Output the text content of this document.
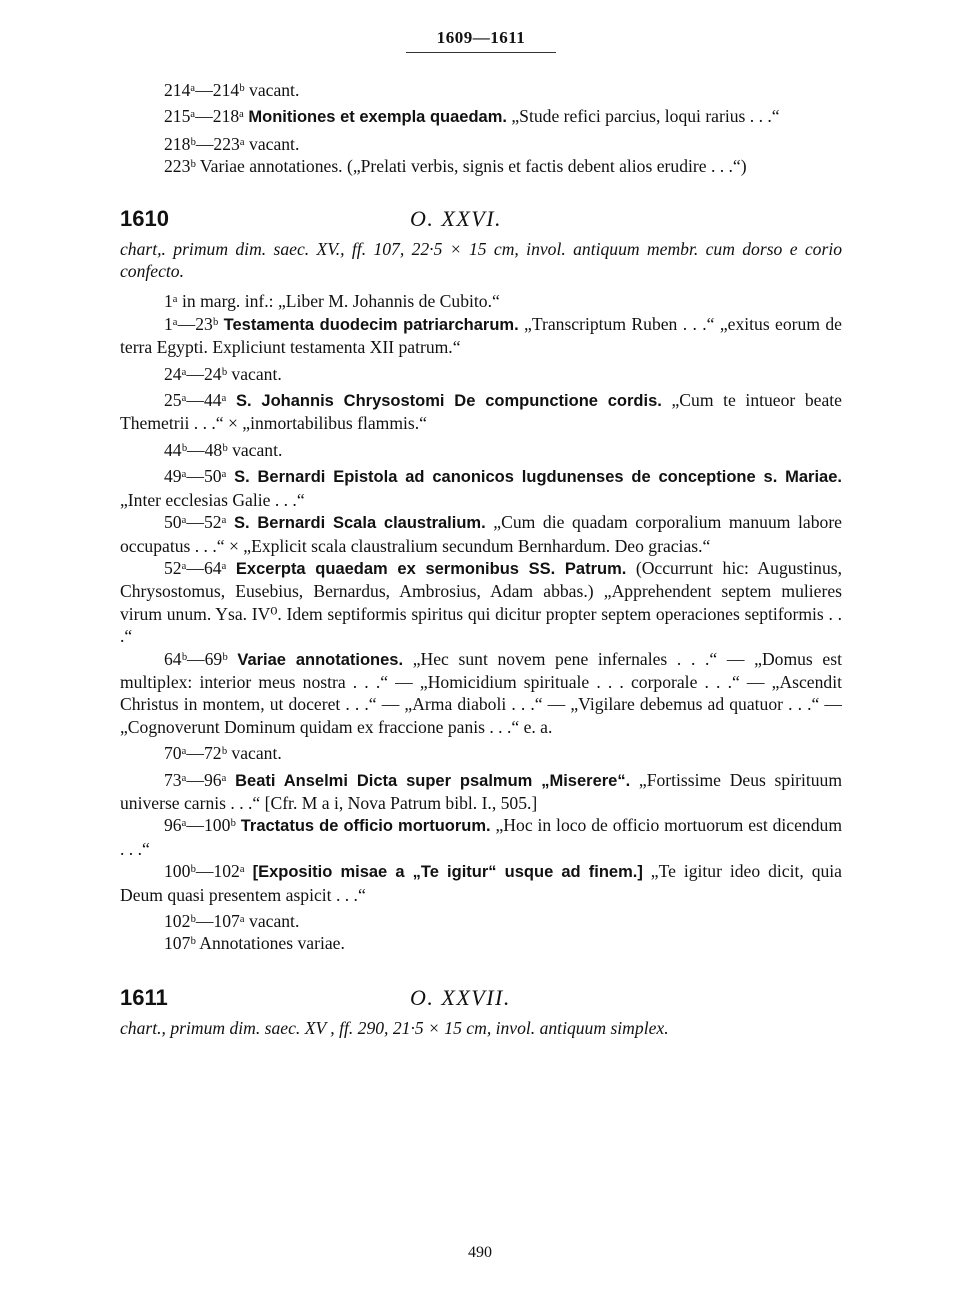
1609—1611
214ᵃ—214ᵇ vacant.
215ᵃ—218ᵃ Monitiones et exempla quaedam. „Stude refici parcius, loqui rarius . . .“
218ᵇ—223ᵃ vacant.
223ᵇ Variae annotationes. („Prelati verbis, signis et factis debent alios erudire . . .“)
1610	O. XXVI.
chart,. primum dim. saec. XV., ff. 107, 22·5 × 15 cm, invol. antiquum membr. cum dorso e corio confecto.
1ᵃ in marg. inf.: „Liber M. Johannis de Cubito.“
1ᵃ—23ᵇ Testamenta duodecim patriarcharum. „Transcriptum Ruben . . .“ „exitus eorum de terra Egypti. Expliciunt testamenta XII patrum.“
24ᵃ—24ᵇ vacant.
25ᵃ—44ᵃ S. Johannis Chrysostomi De compunctione cordis. „Cum te intueor beate Themetrii . . .“ × „inmortabilibus flammis.“
44ᵇ—48ᵇ vacant.
49ᵃ—50ᵃ S. Bernardi Epistola ad canonicos lugdunenses de conceptione s. Mariae. „Inter ecclesias Galie . . .“
50ᵃ—52ᵃ S. Bernardi Scala claustralium. „Cum die quadam corporalium manuum labore occupatus . . .“ × „Explicit scala claustralium secundum Bernhardum. Deo gracias.“
52ᵃ—64ᵃ Excerpta quaedam ex sermonibus SS. Patrum. (Occurrunt hic: Augustinus, Chrysostomus, Eusebius, Bernardus, Ambrosius, Adam abbas.) „Apprehendent septem mulieres virum unum. Ysa. IV⁰. Idem septiformis spiritus qui dicitur propter septem operaciones septiformis . . .“
64ᵇ—69ᵇ Variae annotationes. „Hec sunt novem pene infernales . . .“ — „Domus est multiplex: interior meus nostra . . .“ — „Homicidium spirituale . . . corporale . . .“ — „Ascendit Christus in montem, ut doceret . . .“ — „Arma diaboli . . .“ — „Vigilare debemus ad quatuor . . .“ — „Cognoverunt Dominum quidam ex fraccione panis . . .“ e. a.
70ᵃ—72ᵇ vacant.
73ᵃ—96ᵃ Beati Anselmi Dicta super psalmum „Miserere“. „Fortissime Deus spirituum universe carnis . . .“ [Cfr. M a i, Nova Patrum bibl. I., 505.]
96ᵃ—100ᵇ Tractatus de officio mortuorum. „Hoc in loco de officio mortuorum est dicendum . . .“
100ᵇ—102ᵃ [Expositio misae a „Te igitur“ usque ad finem.] „Te igitur ideo dicit, quia Deum quasi presentem aspicit . . .“
102ᵇ—107ᵃ vacant.
107ᵇ Annotationes variae.
1611	O. XXVII.
chart., primum dim. saec. XV , ff. 290, 21·5 × 15 cm, invol. antiquum simplex.
490
